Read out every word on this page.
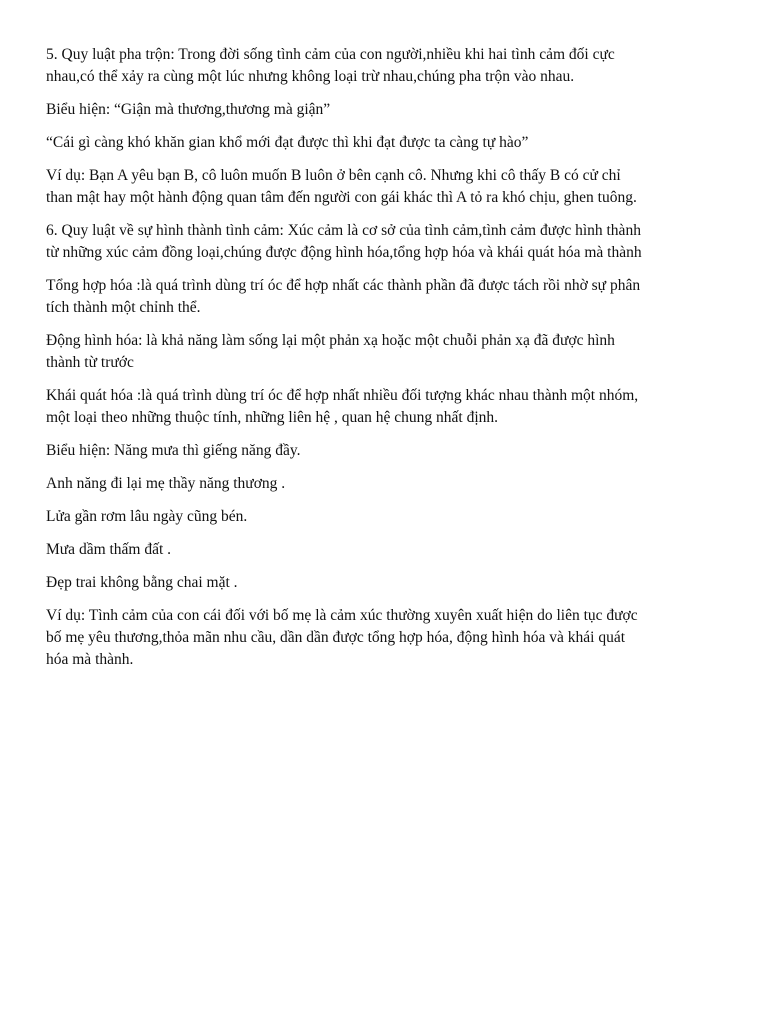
5. Quy luật pha trộn: Trong đời sống tình cảm của con người,nhiều khi hai tình cảm đối cực
nhau,có thể xảy ra cùng một lúc nhưng không loại trừ nhau,chúng pha trộn vào nhau.

Biểu hiện: “Giận mà thương,thương mà giận”

“Cái gì càng khó khăn gian khổ mới đạt được thì khi đạt được ta càng tự hào”

Ví dụ: Bạn A yêu bạn B, cô luôn muốn B luôn ở bên cạnh cô. Nhưng khi cô thấy B có cử chỉ
than mật hay một hành động quan tâm đến người con gái khác thì A tỏ ra khó chịu, ghen tuông.

6. Quy luật về sự hình thành tình cảm: Xúc cảm là cơ sở của tình cảm,tình cảm được hình thành
từ những xúc cảm đồng loại,chúng được động hình hóa,tổng hợp hóa và khái quát hóa mà thành

Tổng hợp hóa :là quá trình dùng trí óc để hợp nhất các thành phần đã được tách rồi nhờ sự phân
tích thành một chỉnh thể.

Động hình hóa: là khả năng làm sống lại một phản xạ hoặc một chuỗi phản xạ đã được hình
thành từ trước

Khái quát hóa :là quá trình dùng trí óc để hợp nhất nhiều đối tượng khác nhau thành một nhóm,
một loại theo những thuộc tính, những liên hệ , quan hệ chung nhất định.

Biểu hiện: Năng mưa thì giếng năng đầy.

Anh năng đi lại mẹ thầy năng thương .

Lửa gần rơm lâu ngày cũng bén.

Mưa dầm thấm đất .

Đẹp trai không bằng chai mặt .

Ví dụ: Tình cảm của con cái đối với bố mẹ là cảm xúc thường xuyên xuất hiện do liên tục được
bố mẹ yêu thương,thỏa mãn nhu cầu, dần dần được tổng hợp hóa, động hình hóa và khái quát
hóa mà thành.
